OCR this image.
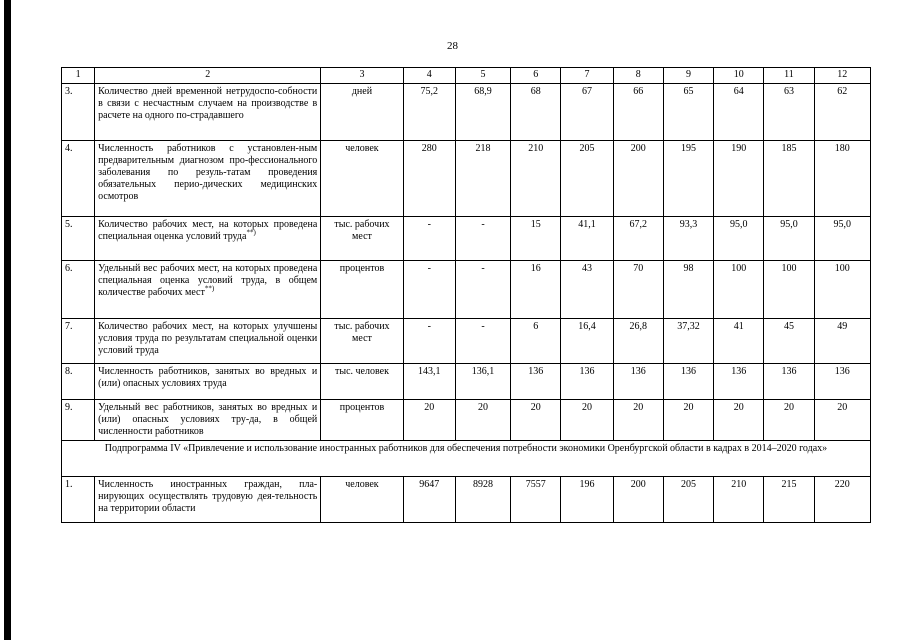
28
1	2	3	4	5	6	7	8	9	10	11	12
3.	Количество дней временной нетрудоспо-собности в связи с несчастным случаем на производстве в расчете на одного по-страдавшего	дней	75,2	68,9	68	67	66	65	64	63	62
4.	Численность работников с установлен-ным предварительным диагнозом про-фессионального заболевания по резуль-татам проведения обязательных перио-дических медицинских осмотров	человек	280	218	210	205	200	195	190	185	180
5.	Количество рабочих мест, на которых проведена специальная оценка условий труда**)	тыс. рабочих мест	-	-	15	41,1	67,2	93,3	95,0	95,0	95,0
6.	Удельный вес рабочих мест, на которых проведена специальная оценка условий труда, в общем количестве рабочих мест**)	процентов	-	-	16	43	70	98	100	100	100
7.	Количество рабочих мест, на которых улучшены условия труда по результатам специальной оценки условий труда	тыс. рабочих мест	-	-	6	16,4	26,8	37,32	41	45	49
8.	Численность работников, занятых во вредных и (или) опасных условиях труда	тыс. человек	143,1	136,1	136	136	136	136	136	136	136
9.	Удельный вес работников, занятых во вредных и (или) опасных условиях тру-да, в общей численности работников	процентов	20	20	20	20	20	20	20	20	20
Подпрограмма IV «Привлечение и использование иностранных работников для обеспечения потребности экономики Оренбургской области в кадрах в 2014–2020 годах»											
1.	Численность иностранных граждан, пла-нирующих осуществлять трудовую дея-тельность на территории области	человек	9647	8928	7557	196	200	205	210	215	220
